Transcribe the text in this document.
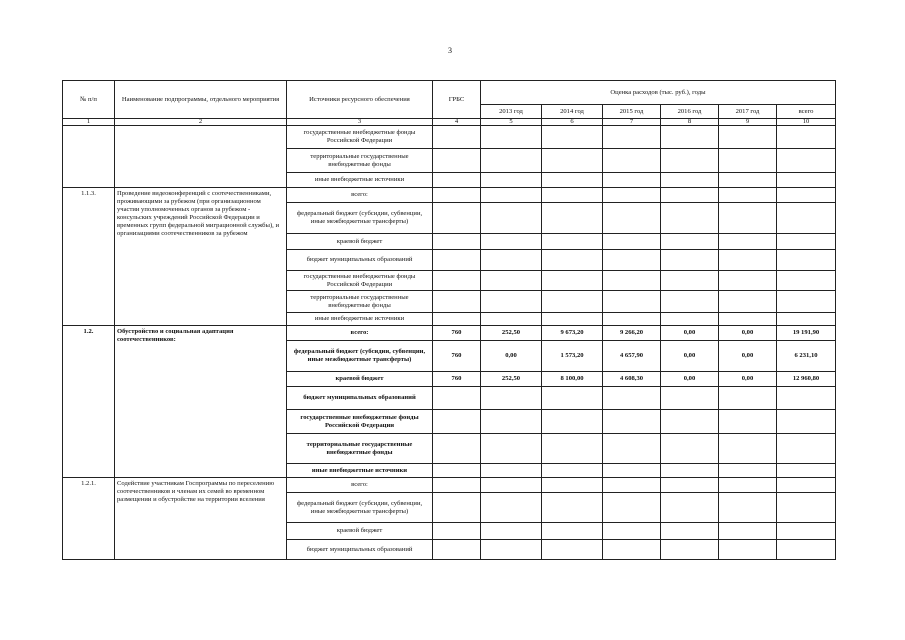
3
№ п/п	Наименование подпрограммы, отдельного мероприятия	Источники ресурсного обеспечения	ГРБС	Оценка расходов (тыс. руб.), годы					
				2013 год	2014 год	2015 год	2016 год	2017 год	всего
1	2	3	4	5	6	7	8	9	10
		государственные внебюджетные фонды Российской Федерации							
		территориальные государственные внебюджетные фонды							
		иные внебюджетные источники							
1.1.3.	Проведение видеоконференций с соотечественниками, проживающими за рубежом (при организационном участии уполномоченных органов за рубежом - консульских учреждений Российской Федерации и временных групп федеральной миграционной службы), и организациями соотечественников за рубежом	всего:							
		федеральный бюджет (субсидии, субвенции, иные межбюджетные трансферты)							
		краевой бюджет							
		бюджет муниципальных образований							
		государственные внебюджетные фонды Российской Федерации							
		территориальные государственные внебюджетные фонды							
		иные внебюджетные источники							
1.2.	Обустройство и социальная адаптация соотечественников:	всего:	760	252,50	9 673,20	9 266,20	0,00	0,00	19 191,90
		федеральный бюджет (субсидии, субвенции, иные межбюджетные трансферты)	760	0,00	1 573,20	4 657,90	0,00	0,00	6 231,10
		краевой бюджет	760	252,50	8 100,00	4 608,30	0,00	0,00	12 960,80
		бюджет муниципальных образований							
		государственные внебюджетные фонды Российской Федерации							
		территориальные государственные внебюджетные фонды							
		иные внебюджетные источники							
1.2.1.	Содействие участникам Госпрограммы по переселению соотечественников и членам их семей во временном размещении и обустройстве на территории вселения	всего:							
		федеральный бюджет (субсидии, субвенции, иные межбюджетные трансферты)							
		краевой бюджет							
		бюджет муниципальных образований							
